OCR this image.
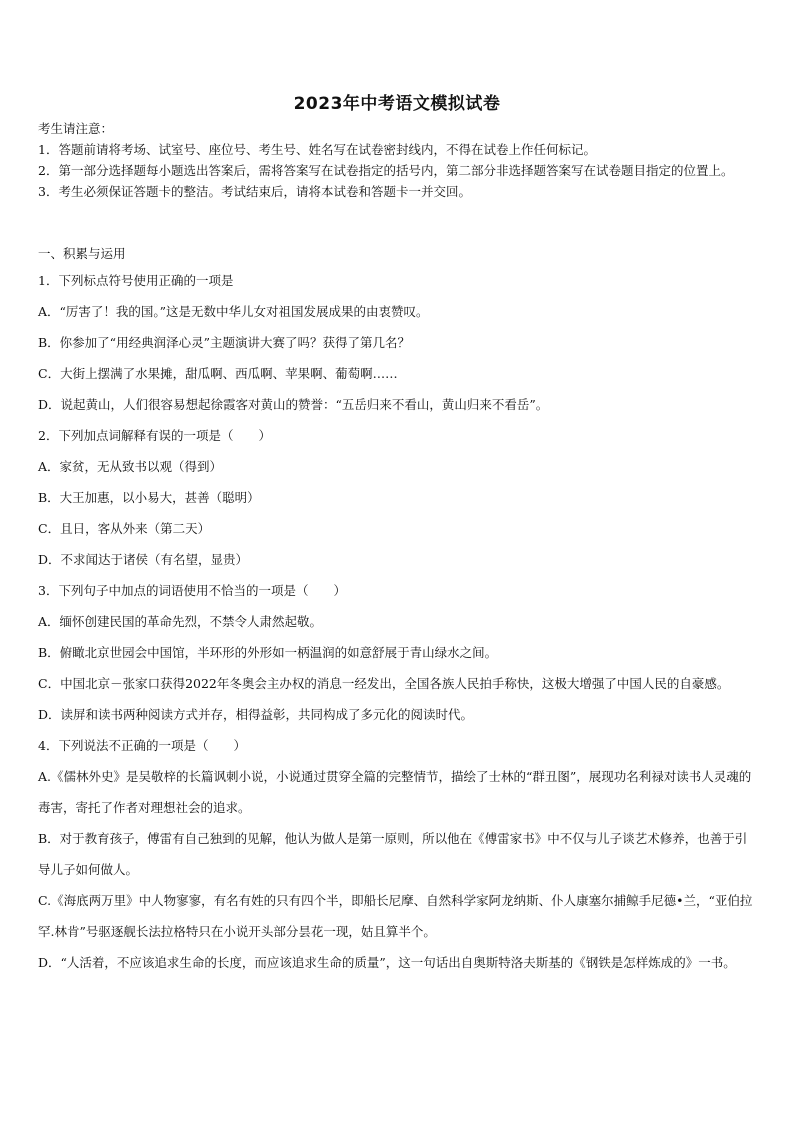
2023年中考语文模拟试卷
考生请注意：
1．答题前请将考场、试室号、座位号、考生号、姓名写在试卷密封线内，不得在试卷上作任何标记。
2．第一部分选择题每小题选出答案后，需将答案写在试卷指定的括号内，第二部分非选择题答案写在试卷题目指定的位置上。
3．考生必须保证答题卡的整洁。考试结束后，请将本试卷和答题卡一并交回。
一、积累与运用
1．下列标点符号使用正确的一项是
A．“厉害了！我的国。”这是无数中华儿女对祖国发展成果的由衷赞叹。
B．你参加了“用经典润泽心灵”主题演讲大赛了吗？获得了第几名？
C．大街上摆满了水果摊，甜瓜啊、西瓜啊、苹果啊、葡萄啊……
D．说起黄山，人们很容易想起徐霞客对黄山的赞誉：“五岳归来不看山，黄山归来不看岳”。
2．下列加点词解释有误的一项是（　　）
A．家贫，无从致书以观（得到）
B．大王加惠，以小易大，甚善（聪明）
C．且日，客从外来（第二天）
D．不求闻达于诸侯（有名望，显贵）
3．下列句子中加点的词语使用不恰当的一项是（　　）
A．缅怀创建民国的革命先烈，不禁令人肃然起敬。
B．俯瞰北京世园会中国馆，半环形的外形如一柄温润的如意舒展于青山绿水之间。
C．中国北京－张家口获得2022年冬奥会主办权的消息一经发出，全国各族人民拍手称快，这极大增强了中国人民的自豪感。
D．读屏和读书两种阅读方式并存，相得益彰，共同构成了多元化的阅读时代。
4．下列说法不正确的一项是（　　）
A.《儒林外史》是吴敬梓的长篇讽刺小说，小说通过贯穿全篇的完整情节，描绘了士林的“群丑图”，展现功名利禄对读书人灵魂的毒害，寄托了作者对理想社会的追求。
B．对于教育孩子，傅雷有自己独到的见解，他认为做人是第一原则，所以他在《傅雷家书》中不仅与儿子谈艺术修养，也善于引导儿子如何做人。
C.《海底两万里》中人物寥寥，有名有姓的只有四个半，即船长尼摩、自然科学家阿龙纳斯、仆人康塞尔捕鲸手尼德•兰，“亚伯拉罕.林肯”号驱逐舰长法拉格特只在小说开头部分昙花一现，姑且算半个。
D．“人活着，不应该追求生命的长度，而应该追求生命的质量”，这一句话出自奥斯特洛夫斯基的《钢铁是怎样炼成的》一书。
